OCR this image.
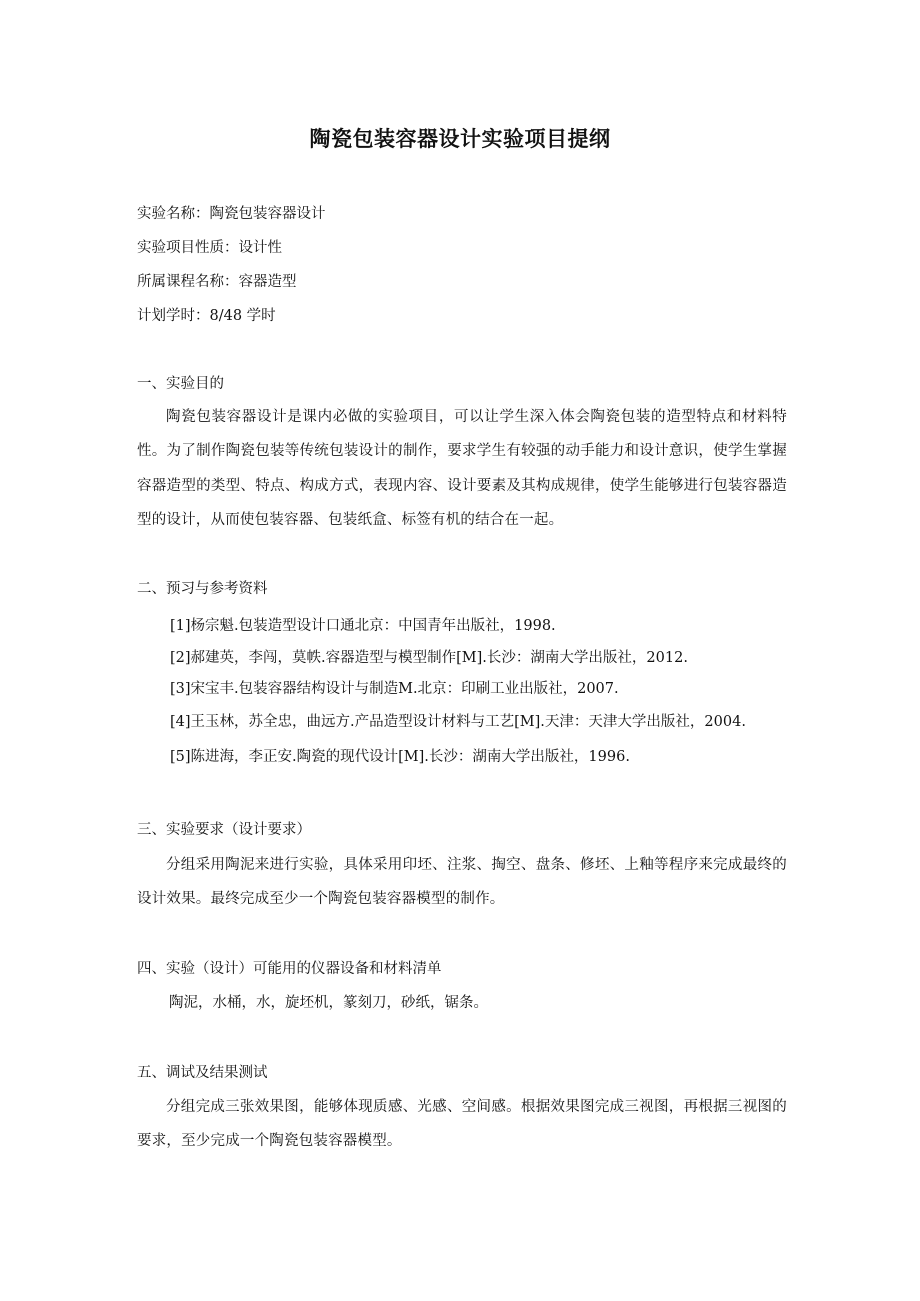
陶瓷包装容器设计实验项目提纲
实验名称：陶瓷包装容器设计
实验项目性质：设计性
所属课程名称：容器造型
计划学时：8/48 学时
一、实验目的
陶瓷包装容器设计是课内必做的实验项目，可以让学生深入体会陶瓷包装的造型特点和材料特性。为了制作陶瓷包装等传统包装设计的制作，要求学生有较强的动手能力和设计意识，使学生掌握容器造型的类型、特点、构成方式，表现内容、设计要素及其构成规律，使学生能够进行包装容器造型的设计，从而使包装容器、包装纸盒、标签有机的结合在一起。
二、预习与参考资料
[1]杨宗魁.包装造型设计口通北京：中国青年出版社，1998.
[2]郝建英，李闯，莫帙.容器造型与模型制作[M].长沙：湖南大学出版社，2012.
[3]宋宝丰.包装容器结构设计与制造M.北京：印刷工业出版社，2007.
[4]王玉林，苏全忠，曲远方.产品造型设计材料与工艺[M].天津：天津大学出版社，2004.
[5]陈进海，李正安.陶瓷的现代设计[M].长沙：湖南大学出版社，1996.
三、实验要求（设计要求）
分组采用陶泥来进行实验，具体采用印坯、注浆、掏空、盘条、修坯、上釉等程序来完成最终的设计效果。最终完成至少一个陶瓷包装容器模型的制作。
四、实验（设计）可能用的仪器设备和材料清单
陶泥，水桶，水，旋坯机，篆刻刀，砂纸，锯条。
五、调试及结果测试
分组完成三张效果图，能够体现质感、光感、空间感。根据效果图完成三视图，再根据三视图的要求，至少完成一个陶瓷包装容器模型。
